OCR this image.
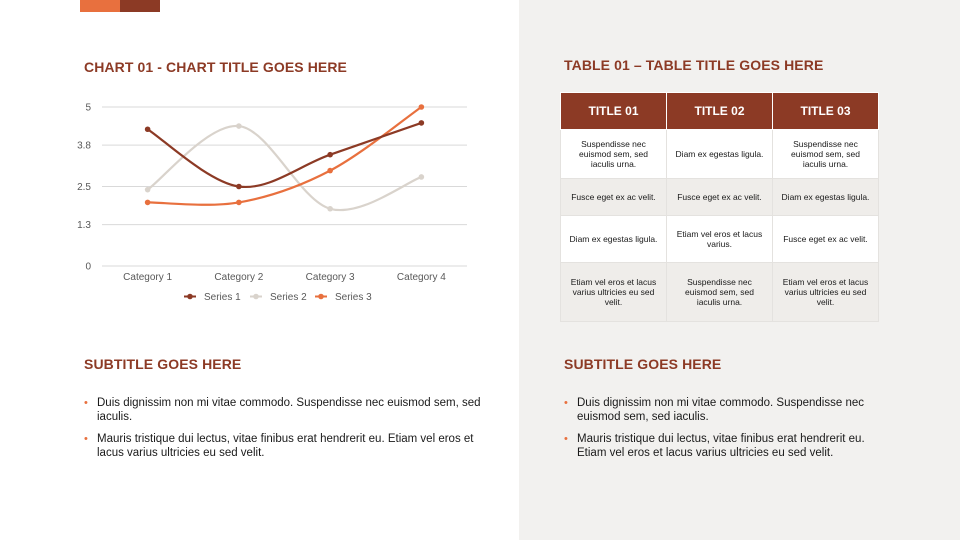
CHART 01 - CHART TITLE GOES HERE
0
1.3
2.5
3.8
5
Category 1	Category 2	Category 3	Category 4
Series 1	Series 2	Series 3
TABLE 01 – TABLE TITLE GOES HERE
TITLE 01	TITLE 02	TITLE 03
Suspendisse nec euismod sem, sed iaculis urna.	Diam ex egestas ligula.	Suspendisse nec euismod sem, sed iaculis urna.
Fusce eget ex ac velit.	Fusce eget ex ac velit.	Diam ex egestas ligula.
Diam ex egestas ligula.	Etiam vel eros et lacus varius.	Fusce eget ex ac velit.
Etiam vel eros et lacus varius ultricies eu sed velit.	Suspendisse nec euismod sem, sed iaculis urna.	Etiam vel eros et lacus varius ultricies eu sed velit.
SUBTITLE GOES HERE
• Duis dignissim non mi vitae commodo. Suspendisse nec euismod sem, sed iaculis.
• Mauris tristique dui lectus, vitae finibus erat hendrerit eu. Etiam vel eros et lacus varius ultricies eu sed velit.
SUBTITLE GOES HERE
• Duis dignissim non mi vitae commodo. Suspendisse nec euismod sem, sed iaculis.
• Mauris tristique dui lectus, vitae finibus erat hendrerit eu. Etiam vel eros et lacus varius ultricies eu sed velit.
